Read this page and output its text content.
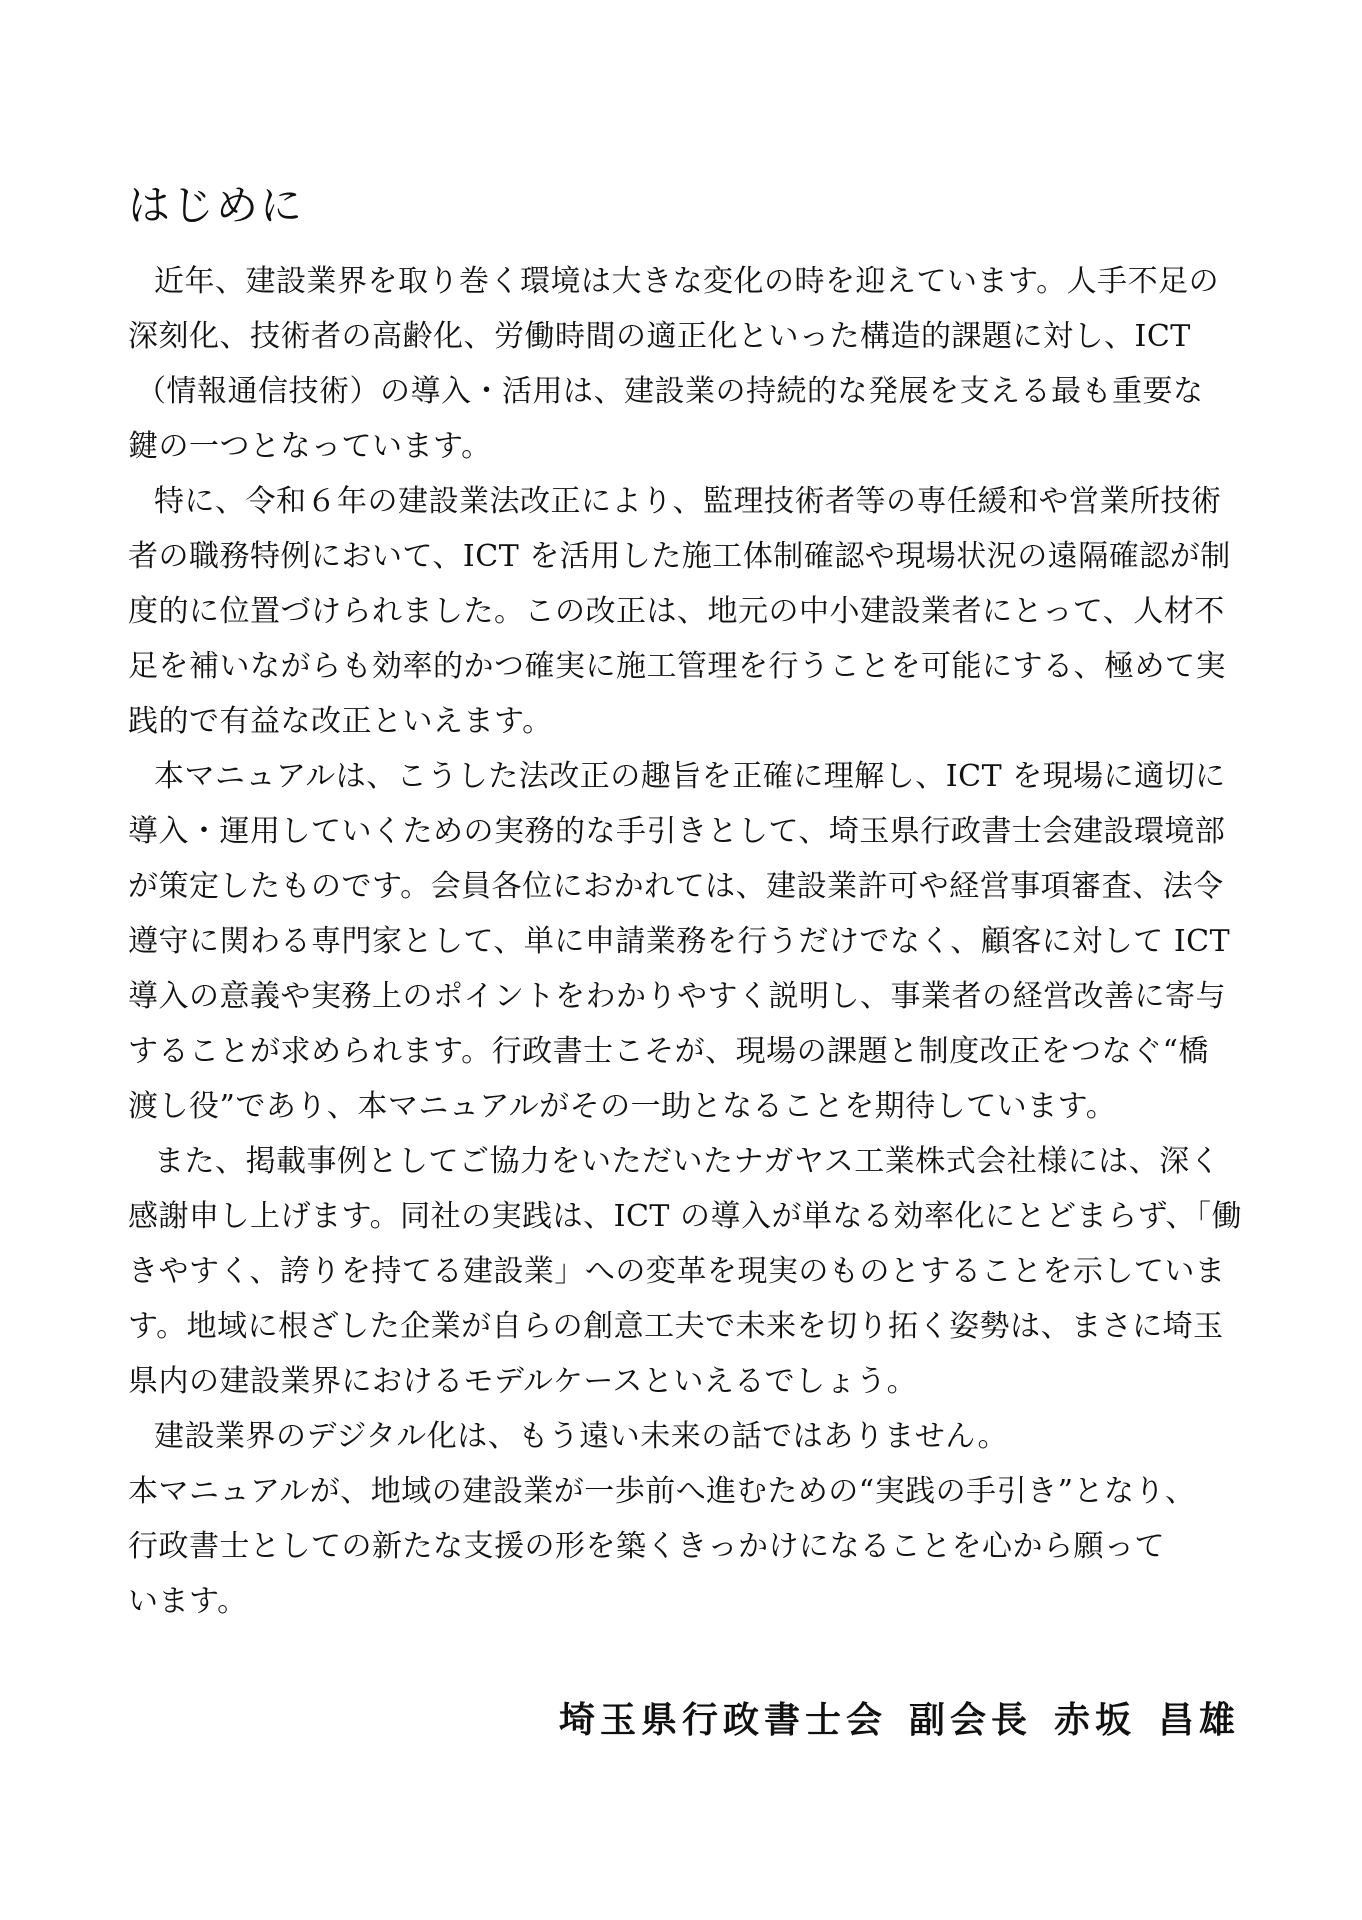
はじめに
近年、建設業界を取り巻く環境は大きな変化の時を迎えています。人手不足の
深刻化、技術者の高齢化、労働時間の適正化といった構造的課題に対し、ICT
（情報通信技術）の導入・活用は、建設業の持続的な発展を支える最も重要な
鍵の一つとなっています。
特に、令和６年の建設業法改正により、監理技術者等の専任緩和や営業所技術
者の職務特例において、ICT を活用した施工体制確認や現場状況の遠隔確認が制
度的に位置づけられました。この改正は、地元の中小建設業者にとって、人材不
足を補いながらも効率的かつ確実に施工管理を行うことを可能にする、極めて実
践的で有益な改正といえます。
本マニュアルは、こうした法改正の趣旨を正確に理解し、ICT を現場に適切に
導入・運用していくための実務的な手引きとして、埼玉県行政書士会建設環境部
が策定したものです。会員各位におかれては、建設業許可や経営事項審査、法令
遵守に関わる専門家として、単に申請業務を行うだけでなく、顧客に対して ICT
導入の意義や実務上のポイントをわかりやすく説明し、事業者の経営改善に寄与
することが求められます。行政書士こそが、現場の課題と制度改正をつなぐ“橋
渡し役”であり、本マニュアルがその一助となることを期待しています。
また、掲載事例としてご協力をいただいたナガヤス工業株式会社様には、深く
感謝申し上げます。同社の実践は、ICT の導入が単なる効率化にとどまらず、「働
きやすく、誇りを持てる建設業」への変革を現実のものとすることを示していま
す。地域に根ざした企業が自らの創意工夫で未来を切り拓く姿勢は、まさに埼玉
県内の建設業界におけるモデルケースといえるでしょう。
建設業界のデジタル化は、もう遠い未来の話ではありません。
本マニュアルが、地域の建設業が一歩前へ進むための“実践の手引き”となり、
行政書士としての新たな支援の形を築くきっかけになることを心から願って
います。
埼玉県行政書士会 副会長 赤坂 昌雄
